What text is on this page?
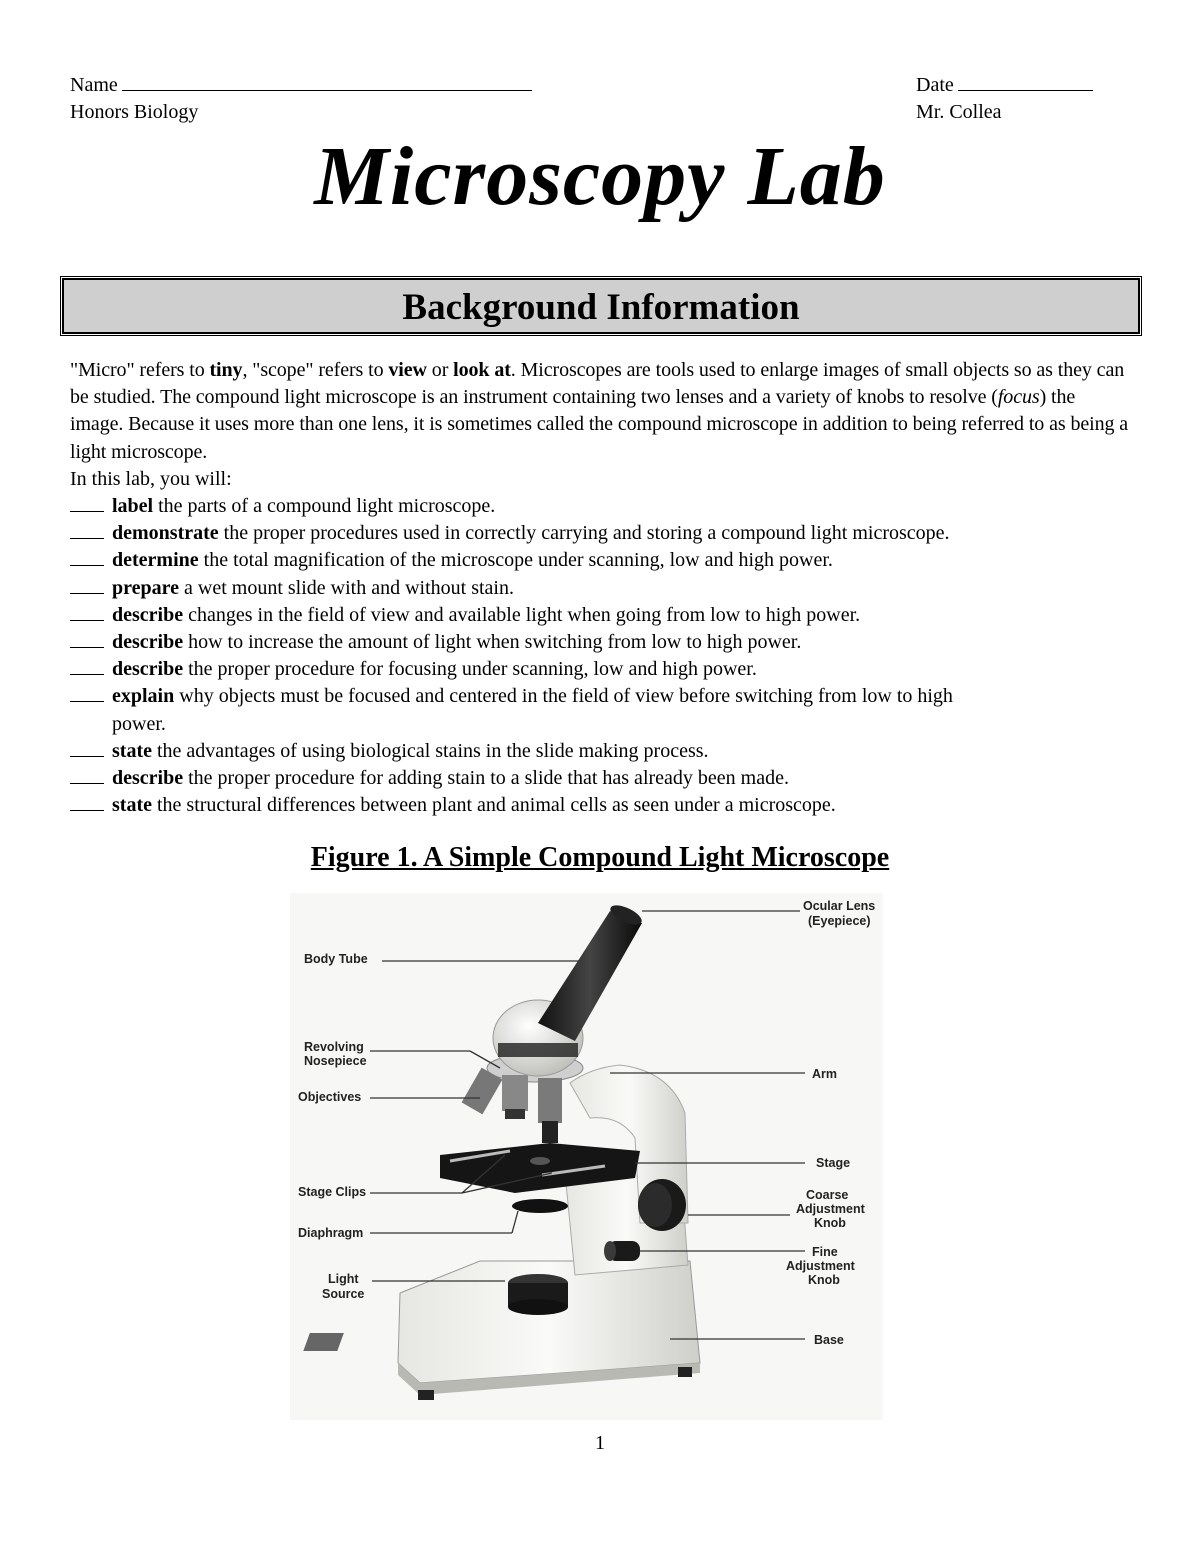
Name
Honors Biology
Date
Mr. Collea
Microscopy Lab
Background Information
"Micro" refers to tiny, "scope" refers to view or look at. Microscopes are tools used to enlarge images of small objects so as they can be studied. The compound light microscope is an instrument containing two lenses and a variety of knobs to resolve (focus) the image. Because it uses more than one lens, it is sometimes called the compound microscope in addition to being referred to as being a light microscope.
In this lab, you will:
label the parts of a compound light microscope.
demonstrate the proper procedures used in correctly carrying and storing a compound light microscope.
determine the total magnification of the microscope under scanning, low and high power.
prepare a wet mount slide with and without stain.
describe changes in the field of view and available light when going from low to high power.
describe how to increase the amount of light when switching from low to high power.
describe the proper procedure for focusing under scanning, low and high power.
explain why objects must be focused and centered in the field of view before switching from low to high
power.
state the advantages of using biological stains in the slide making process.
describe the proper procedure for adding stain to a slide that has already been made.
state the structural differences between plant and animal cells as seen under a microscope.
Figure 1. A Simple Compound Light Microscope
Ocular Lens
(Eyepiece)
Body Tube
Revolving
Nosepiece
Objectives
Arm
Stage
Stage Clips	Coarse
Adjustment
Knob
Diaphragm
Fine
Adjustment
Knob
Light
Source
Base
1
